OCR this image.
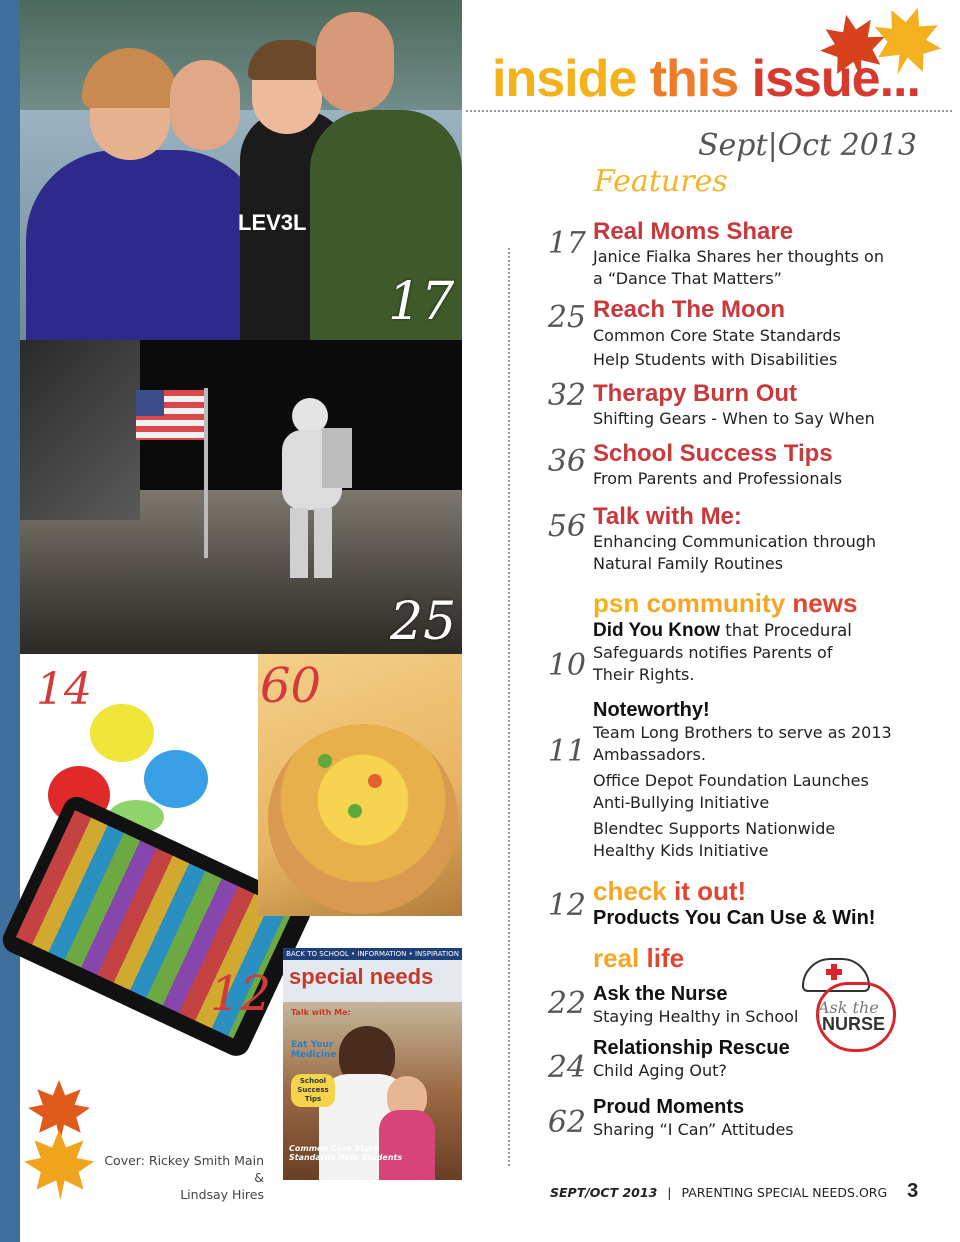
LEV3L
17
25
14
12
60
BACK TO SCHOOL • INFORMATION • INSPIRATION
special needs
Talk with Me:
Eat Your Medicine
School Success Tips
Common Core State Standards Help Students
Cover: Rickey Smith Main &
Lindsay Hires
inside this issue...
Sept|Oct 2013
Features
17 Real Moms Share
Janice Fialka Shares her thoughts on
a “Dance That Matters”
25 Reach The Moon
Common Core State Standards
Help Students with Disabilities
32 Therapy Burn Out
Shifting Gears - When to Say When
36 School Success Tips
From Parents and Professionals
56 Talk with Me:
Enhancing Communication through
Natural Family Routines
psn community news
10
Did You Know that Procedural
Safeguards notifies Parents of
Their Rights.
11
Noteworthy!
Team Long Brothers to serve as 2013
Ambassadors.
Office Depot Foundation Launches
Anti-Bullying Initiative
Blendtec Supports Nationwide
Healthy Kids Initiative
12 check it out!
Products You Can Use & Win!
real life
22 Ask the Nurse
Staying Healthy in School
24
Relationship Rescue
Child Aging Out?
62 Proud Moments
Sharing “I Can” Attitudes
Ask the
NURSE
SEPT/OCT 2013 | PARENTING SPECIAL NEEDS.ORG 3
